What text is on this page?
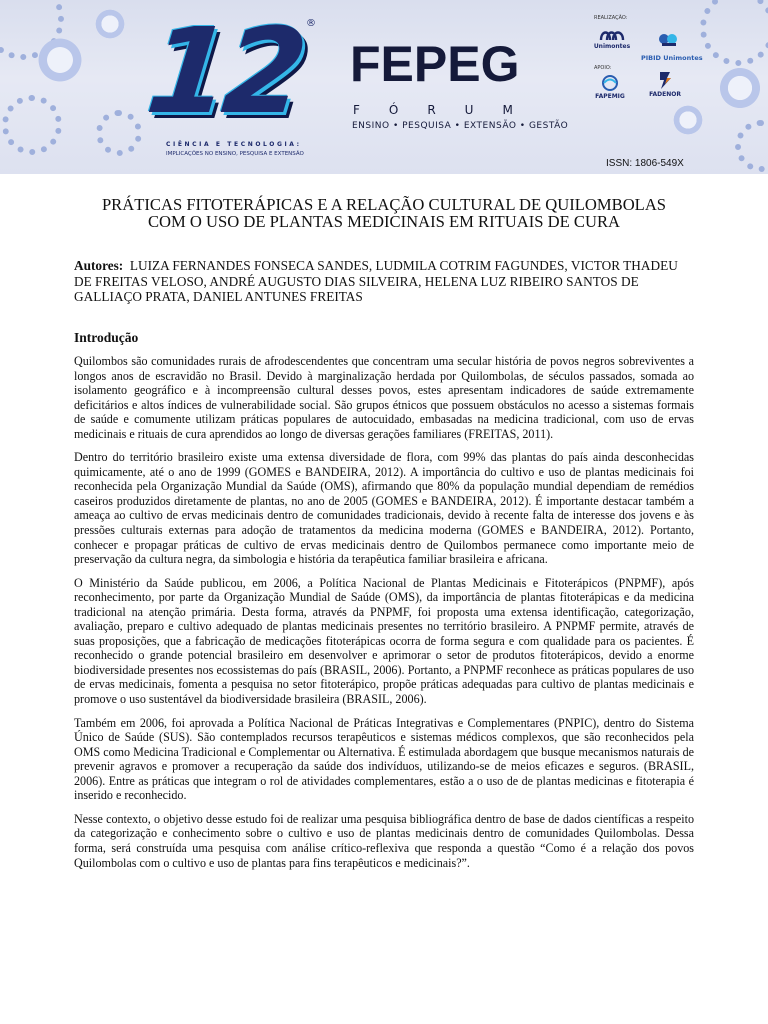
12
®
CIÊNCIA E TECNOLOGIA:
IMPLICAÇÕES NO ENSINO, PESQUISA E EXTENSÃO
FEPEG
FÓRUM
ENSINO • PESQUISA • EXTENSÃO • GESTÃO
REALIZAÇÃO:
Unimontes
PIBID Unimontes
APOIO:
FAPEMIG	FADENOR
ISSN: 1806-549X
PRÁTICAS FITOTERÁPICAS E A RELAÇÃO CULTURAL DE QUILOMBOLAS
COM O USO DE PLANTAS MEDICINAIS EM RITUAIS DE CURA
Autores: LUIZA FERNANDES FONSECA SANDES, LUDMILA COTRIM FAGUNDES, VICTOR THADEU DE FREITAS VELOSO, ANDRÉ AUGUSTO DIAS SILVEIRA, HELENA LUZ RIBEIRO SANTOS DE GALLIAÇO PRATA, DANIEL ANTUNES FREITAS
Introdução

Quilombos são comunidades rurais de afrodescendentes que concentram uma secular história de povos negros sobreviventes a longos anos de escravidão no Brasil. Devido à marginalização herdada por Quilombolas, de séculos passados, somada ao isolamento geográfico e à incompreensão cultural desses povos, estes apresentam indicadores de saúde extremamente deficitários e altos índices de vulnerabilidade social. São grupos étnicos que possuem obstáculos no acesso a sistemas formais de saúde e comumente utilizam práticas populares de autocuidado, embasadas na medicina tradicional, com uso de ervas medicinais e rituais de cura aprendidos ao longo de diversas gerações familiares (FREITAS, 2011).

Dentro do território brasileiro existe uma extensa diversidade de flora, com 99% das plantas do país ainda desconhecidas quimicamente, até o ano de 1999 (GOMES e BANDEIRA, 2012). A importância do cultivo e uso de plantas medicinais foi reconhecida pela Organização Mundial da Saúde (OMS), afirmando que 80% da população mundial dependiam de remédios caseiros produzidos diretamente de plantas, no ano de 2005 (GOMES e BANDEIRA, 2012). É importante destacar também a ameaça ao cultivo de ervas medicinais dentro de comunidades tradicionais, devido à recente falta de interesse dos jovens e às pressões culturais externas para adoção de tratamentos da medicina moderna (GOMES e BANDEIRA, 2012). Portanto, conhecer e propagar práticas de cultivo de ervas medicinais dentro de Quilombos permanece como importante meio de preservação da cultura negra, da simbologia e história da terapêutica familiar brasileira e africana.

O Ministério da Saúde publicou, em 2006, a Política Nacional de Plantas Medicinais e Fitoterápicos (PNPMF), após reconhecimento, por parte da Organização Mundial de Saúde (OMS), da importância de plantas fitoterápicas e da medicina tradicional na atenção primária. Desta forma, através da PNPMF, foi proposta uma extensa identificação, categorização, avaliação, preparo e cultivo adequado de plantas medicinais presentes no território brasileiro. A PNPMF permite, através de suas proposições, que a fabricação de medicações fitoterápicas ocorra de forma segura e com qualidade para os pacientes. É reconhecido o grande potencial brasileiro em desenvolver e aprimorar o setor de produtos fitoterápicos, devido a enorme biodiversidade presentes nos ecossistemas do país (BRASIL, 2006). Portanto, a PNPMF reconhece as práticas populares de uso de ervas medicinais, fomenta a pesquisa no setor fitoterápico, propõe práticas adequadas para cultivo de plantas medicinais e promove o uso sustentável da biodiversidade brasileira (BRASIL, 2006).

Também em 2006, foi aprovada a Política Nacional de Práticas Integrativas e Complementares (PNPIC), dentro do Sistema Único de Saúde (SUS). São contemplados recursos terapêuticos e sistemas médicos complexos, que são reconhecidos pela OMS como Medicina Tradicional e Complementar ou Alternativa. É estimulada abordagem que busque mecanismos naturais de prevenir agravos e promover a recuperação da saúde dos indivíduos, utilizando-se de meios eficazes e seguros. (BRASIL, 2006). Entre as práticas que integram o rol de atividades complementares, estão a o uso de de plantas medicinas e fitoterapia é inserido e reconhecido.

Nesse contexto, o objetivo desse estudo foi de realizar uma pesquisa bibliográfica dentro de base de dados científicas a respeito da categorização e conhecimento sobre o cultivo e uso de plantas medicinais dentro de comunidades Quilombolas. Dessa forma, será construída uma pesquisa com análise crítico-reflexiva que responda a questão “Como é a relação dos povos Quilombolas com o cultivo e uso de plantas para fins terapêuticos e medicinais?”.
